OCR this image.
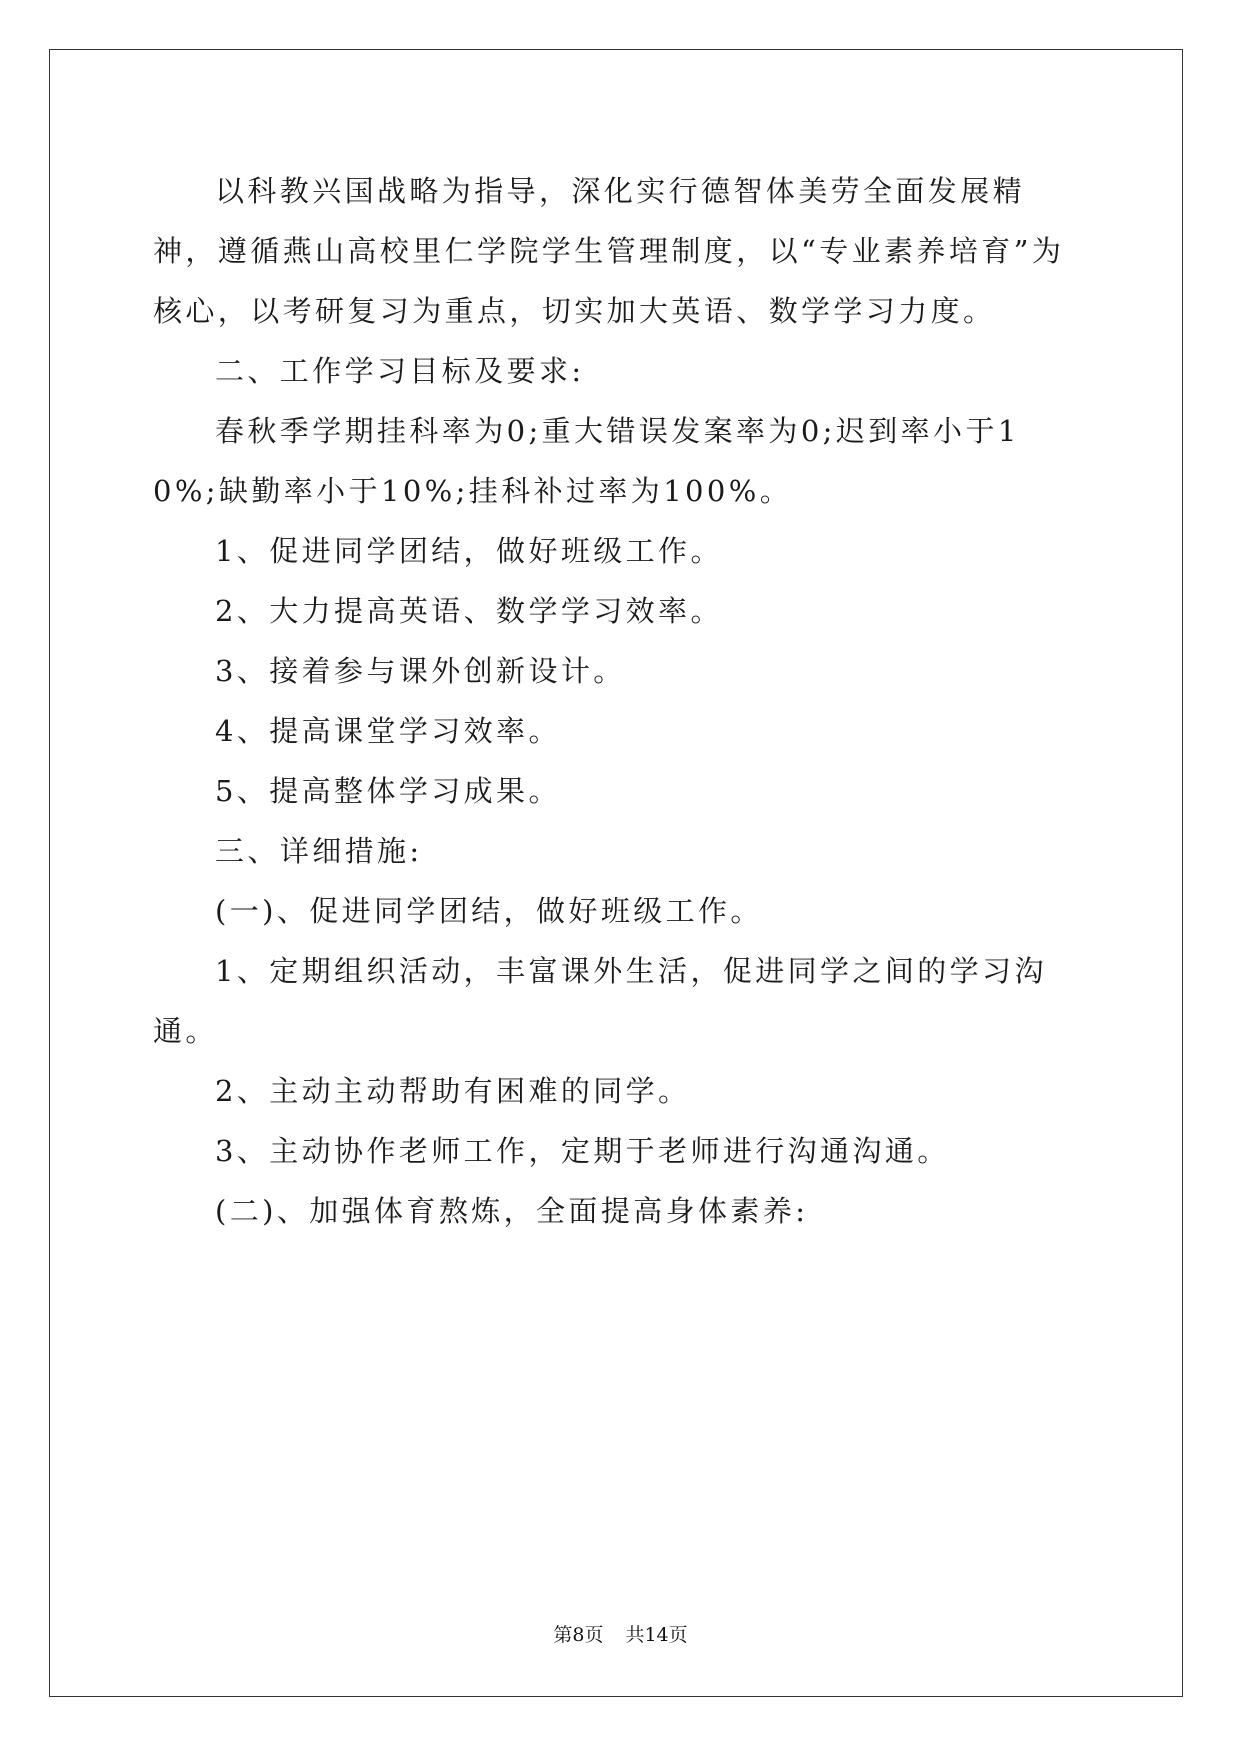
以科教兴国战略为指导，深化实行德智体美劳全面发展精神，遵循燕山高校里仁学院学生管理制度，以“专业素养培育”为核心，以考研复习为重点，切实加大英语、数学学习力度。

二、工作学习目标及要求:

春秋季学期挂科率为0;重大错误发案率为0;迟到率小于10%;缺勤率小于10%;挂科补过率为100%。

1、促进同学团结，做好班级工作。

2、大力提高英语、数学学习效率。

3、接着参与课外创新设计。

4、提高课堂学习效率。

5、提高整体学习成果。

三、详细措施:

(一)、促进同学团结，做好班级工作。

1、定期组织活动，丰富课外生活，促进同学之间的学习沟通。

2、主动主动帮助有困难的同学。

3、主动协作老师工作，定期于老师进行沟通沟通。

(二)、加强体育熬炼，全面提高身体素养:

第8页 共14页
